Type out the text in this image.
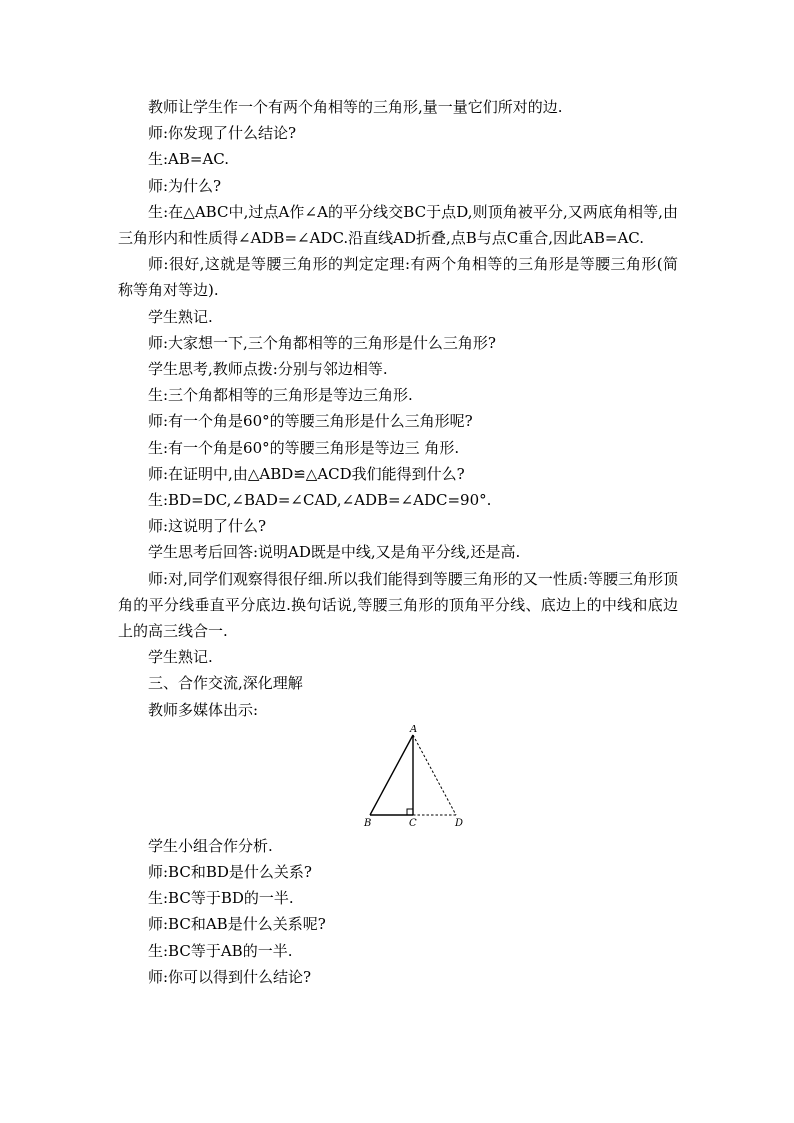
教师让学生作一个有两个角相等的三角形,量一量它们所对的边.

师:你发现了什么结论?

生:AB=AC.

师:为什么?

生:在△ABC中,过点A作∠A的平分线交BC于点D,则顶角被平分,又两底角相等,由三角形内和性质得∠ADB=∠ADC.沿直线AD折叠,点B与点C重合,因此AB=AC.

师:很好,这就是等腰三角形的判定定理:有两个角相等的三角形是等腰三角形(简称等角对等边).

学生熟记.

师:大家想一下,三个角都相等的三角形是什么三角形?

学生思考,教师点拨:分别与邻边相等.

生:三个角都相等的三角形是等边三角形.

师:有一个角是60°的等腰三角形是什么三角形呢?

生:有一个角是60°的等腰三角形是等边三 角形.

师:在证明中,由△ABD≌△ACD我们能得到什么?

生:BD=DC,∠BAD=∠CAD,∠ADB=∠ADC=90°.

师:这说明了什么?

学生思考后回答:说明AD既是中线,又是角平分线,还是高.

师:对,同学们观察得很仔细.所以我们能得到等腰三角形的又一性质:等腰三角形顶角的平分线垂直平分底边.换句话说,等腰三角形的顶角平分线、底边上的中线和底边上的高三线合一.

学生熟记.

三、合作交流,深化理解

教师多媒体出示:

A
B	C	D

学生小组合作分析.

师:BC和BD是什么关系?

生:BC等于BD的一半.

师:BC和AB是什么关系呢?

生:BC等于AB的一半.

师:你可以得到什么结论?
